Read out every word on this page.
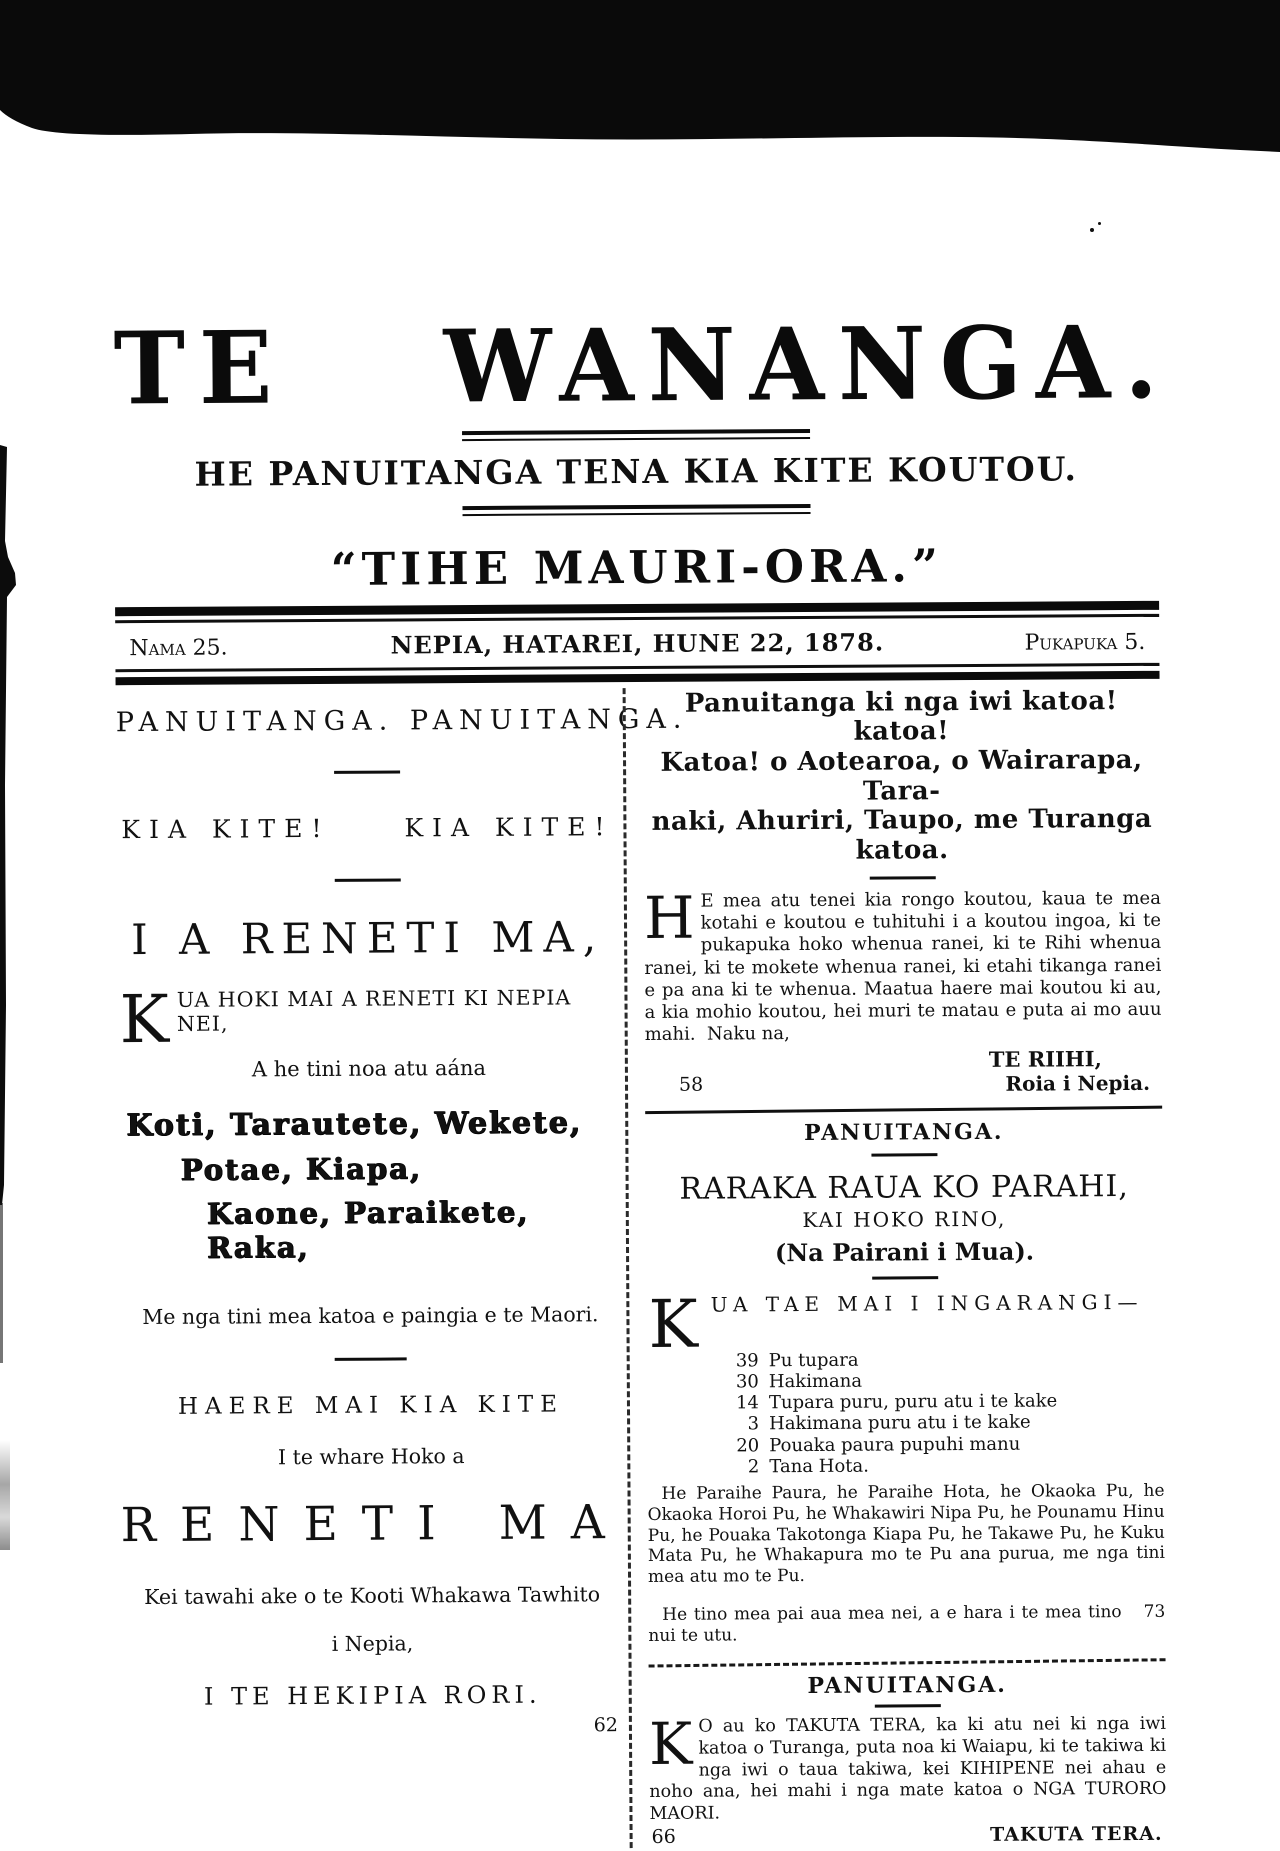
TE WANANGA.
HE PANUITANGA TENA KIA KITE KOUTOU.
“TIHE MAURI-ORA.”
Nama 25.	NEPIA, HATAREI, HUNE 22, 1878.	Pukapuka 5.
PANUITANGA. PANUITANGA.
KIA KITE!	KIA KITE!
I A RENETI MA,
KUA HOKI MAI A RENETI KI NEPIA NEI,
A he tini noa atu aána
Koti, Tarautete, Wekete,
Potae, Kiapa,
Kaone, Paraikete, Raka,
Me nga tini mea katoa e paingia e te Maori.
HAERE MAI KIA KITE
I te whare Hoko a
RENETI MA
Kei tawahi ake o te Kooti Whakawa Tawhito
i Nepia,
I TE HEKIPIA RORI.
62
Panuitanga ki nga iwi katoa! katoa!
Katoa! o Aotearoa, o Wairarapa, Tara-
naki, Ahuriri, Taupo, me Turanga
katoa.

H E mea atu tenei kia rongo koutou, kaua te mea kotahi e koutou e tuhituhi i a koutou ingoa, ki te pukapuka hoko whenua ranei, ki te Rihi whenua ranei, ki te mokete whenua ranei, ki etahi tikanga ranei e pa ana ki te whenua. Maatua haere mai koutou ki au, a kia mohio koutou, hei muri te matau e puta ai mo auu mahi.  Naku na,

TE RIIHI,
58	Roia i Nepia.
PANUITANGA.
RARAKA RAUA KO PARAHI,
KAI HOKO RINO,
(Na Pairani i Mua).
KUA TAE MAI I INGARANGI—
39 Pu tupara
30 Hakimana
14 Tupara puru, puru atu i te kake
3 Hakimana puru atu i te kake
20 Pouaka paura pupuhi manu
2 Tana Hota.

He Paraihe Paura, he Paraihe Hota, he Okaoka Pu, he Okaoka Horoi Pu, he Whakawiri Nipa Pu, he Pounamu Hinu Pu, he Pouaka Takotonga Kiapa Pu, he Takawe Pu, he Kuku Mata Pu, he Whakapura mo te Pu ana purua, me nga tini mea atu mo te Pu.

73
He tino mea pai aua mea nei, a e hara i te mea tino nui te utu.

PANUITANGA.

K O au ko TAKUTA TERA, ka ki atu nei ki nga iwi katoa o Turanga, puta noa ki Waiapu, ki te takiwa ki nga iwi o taua takiwa, kei KIHIPENE nei ahau e noho ana, hei mahi i nga mate katoa o NGA TURORO MAORI.

66	TAKUTA TERA.
